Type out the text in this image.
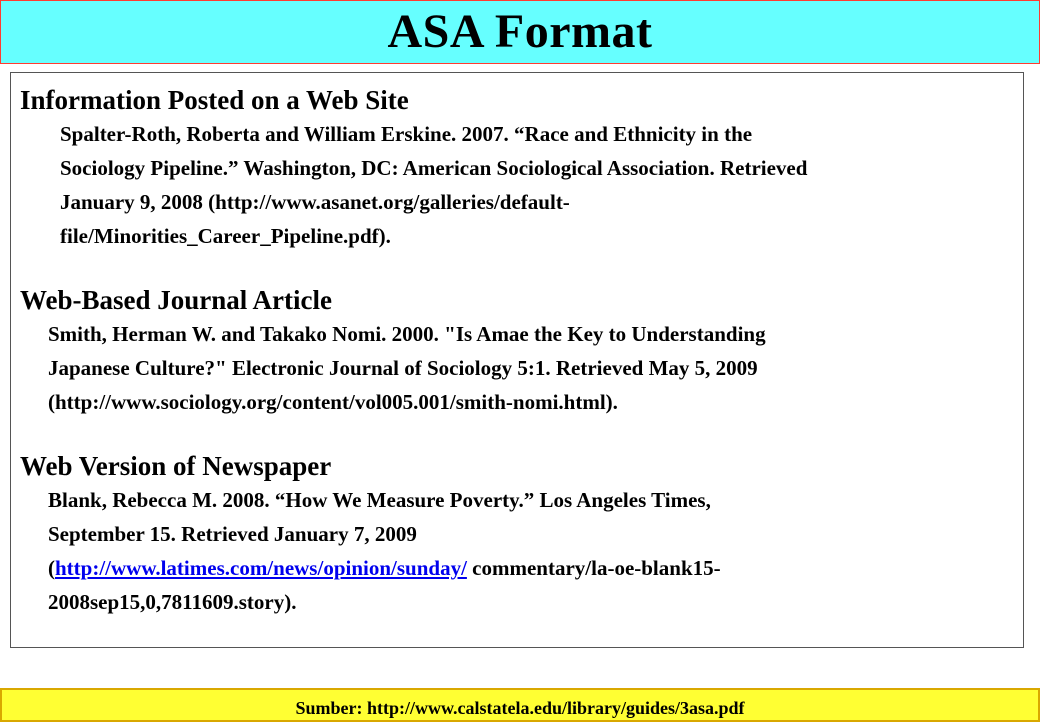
ASA Format
Information Posted on a Web Site

Spalter-Roth, Roberta and William Erskine. 2007. “Race and Ethnicity in the
Sociology Pipeline.” Washington, DC: American Sociological Association. Retrieved
January 9, 2008 (http://www.asanet.org/galleries/default-
file/Minorities_Career_Pipeline.pdf).

Web-Based Journal Article

Smith, Herman W. and Takako Nomi. 2000. "Is Amae the Key to Understanding
Japanese Culture?" Electronic Journal of Sociology 5:1. Retrieved May 5, 2009
(http://www.sociology.org/content/vol005.001/smith-nomi.html).

Web Version of Newspaper

Blank, Rebecca M. 2008. “How We Measure Poverty.” Los Angeles Times,
September 15. Retrieved January 7, 2009
(http://www.latimes.com/news/opinion/sunday/ commentary/la-oe-blank15-
2008sep15,0,7811609.story).

Sumber: http://www.calstatela.edu/library/guides/3asa.pdf
